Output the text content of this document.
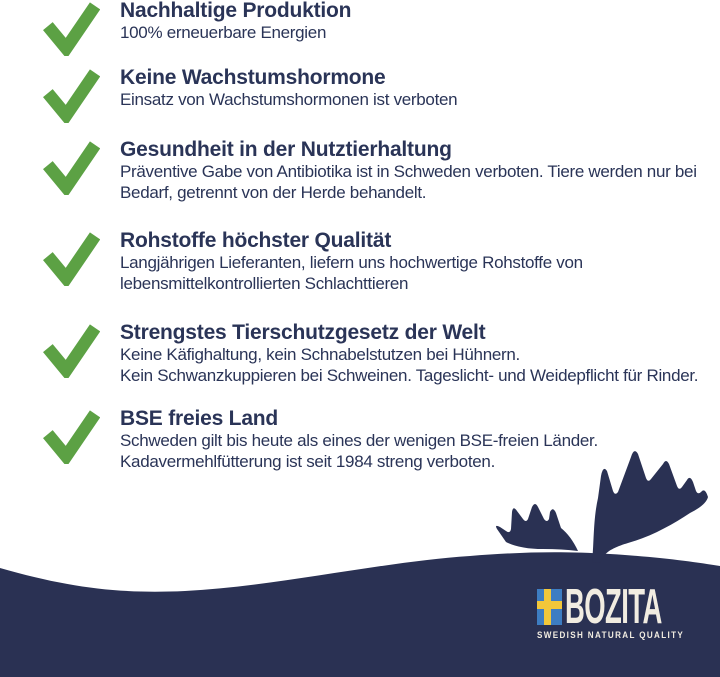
Nachhaltige Produktion
100% erneuerbare Energien
Keine Wachstumshormone
Einsatz von Wachstumshormonen ist verboten
Gesundheit in der Nutztierhaltung
Präventive Gabe von Antibiotika ist in Schweden verboten. Tiere werden nur bei
Bedarf, getrennt von der Herde behandelt.
Rohstoffe höchster Qualität
Langjährigen Lieferanten, liefern uns hochwertige Rohstoffe von
lebensmittelkontrollierten Schlachttieren
Strengstes Tierschutzgesetz der Welt
Keine Käfighaltung, kein Schnabelstutzen bei Hühnern.
Kein Schwanzkuppieren bei Schweinen. Tageslicht- und Weidepflicht für Rinder.
BSE freies Land
Schweden gilt bis heute als eines der wenigen BSE-freien Länder.
Kadavermehlfütterung ist seit 1984 streng verboten.
BOZITA
SWEDISH NATURAL QUALITY
